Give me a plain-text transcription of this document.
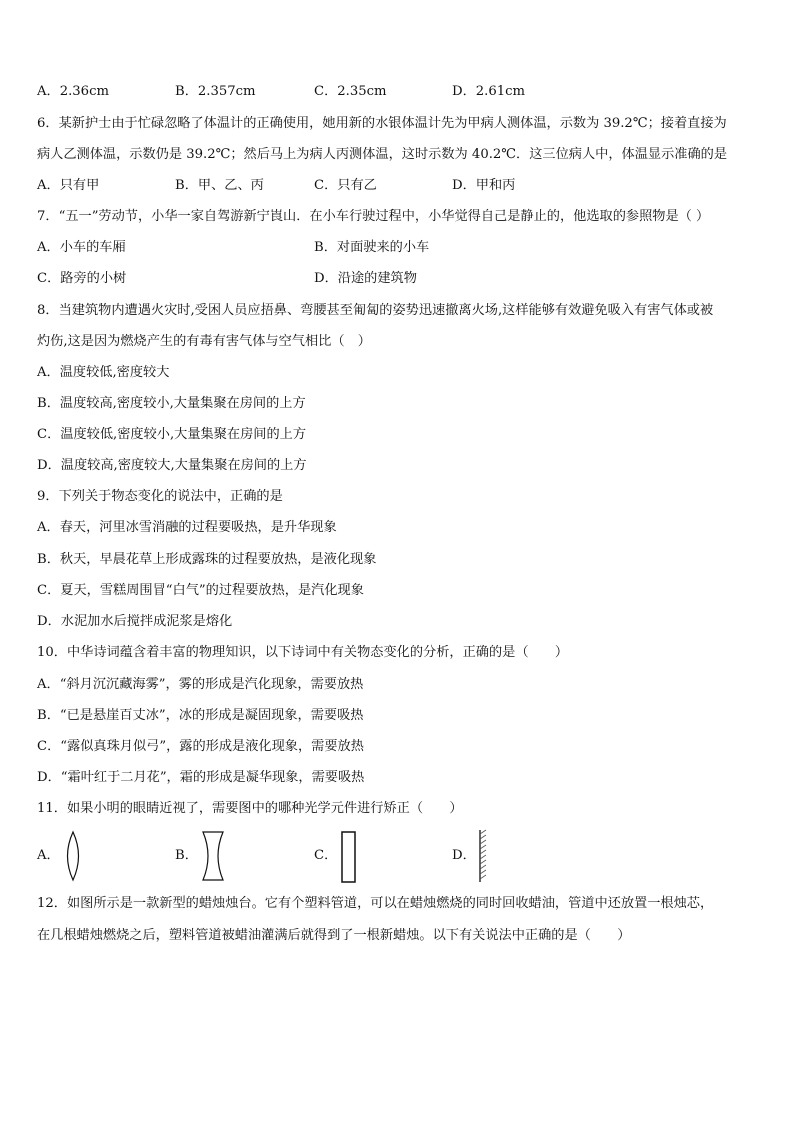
A．2.36cm	B．2.357cm	C．2.35cm	D．2.61cm
6．某新护士由于忙碌忽略了体温计的正确使用，她用新的水银体温计先为甲病人测体温，示数为 39.2℃；接着直接为
病人乙测体温，示数仍是 39.2℃；然后马上为病人丙测体温，这时示数为 40.2℃．这三位病人中，体温显示准确的是
A．只有甲	B．甲、乙、丙	C．只有乙	D．甲和丙
7．“五一”劳动节，小华一家自驾游新宁崀山．在小车行驶过程中，小华觉得自己是静止的，他选取的参照物是（ ）
A．小车的车厢	B．对面驶来的小车
C．路旁的小树	D．沿途的建筑物
8．当建筑物内遭遇火灾时,受困人员应捂鼻、弯腰甚至匍匐的姿势迅速撤离火场,这样能够有效避免吸入有害气体或被
灼伤,这是因为燃烧产生的有毒有害气体与空气相比（　）
A．温度较低,密度较大
B．温度较高,密度较小,大量集聚在房间的上方
C．温度较低,密度较小,大量集聚在房间的上方
D．温度较高,密度较大,大量集聚在房间的上方
9．下列关于物态变化的说法中，正确的是
A．春天，河里冰雪消融的过程要吸热，是升华现象
B．秋天，早晨花草上形成露珠的过程要放热，是液化现象
C．夏天，雪糕周围冒“白气”的过程要放热，是汽化现象
D．水泥加水后搅拌成泥浆是熔化
10．中华诗词蕴含着丰富的物理知识，以下诗词中有关物态变化的分析，正确的是（　　）
A．“斜月沉沉藏海雾”，雾的形成是汽化现象，需要放热
B．“已是悬崖百丈冰”，冰的形成是凝固现象，需要吸热
C．“露似真珠月似弓”，露的形成是液化现象，需要放热
D．“霜叶红于二月花”，霜的形成是凝华现象，需要吸热
11．如果小明的眼睛近视了，需要图中的哪种光学元件进行矫正（　　）
A．	B．	C．	D．
12．如图所示是一款新型的蜡烛烛台。它有个塑料管道，可以在蜡烛燃烧的同时回收蜡油，管道中还放置一根烛芯，
在几根蜡烛燃烧之后，塑料管道被蜡油灌满后就得到了一根新蜡烛。以下有关说法中正确的是（　　）
